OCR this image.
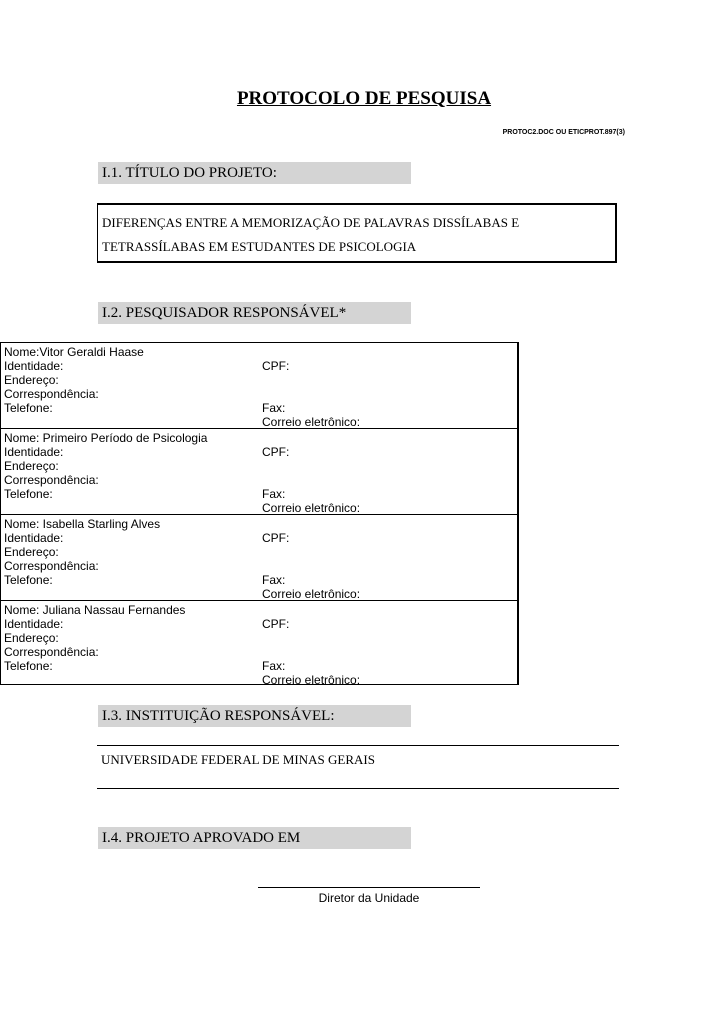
PROTOCOLO DE PESQUISA
PROTOC2.DOC OU ETICPROT.897(3)
I.1. TÍTULO DO PROJETO:
DIFERENÇAS ENTRE A MEMORIZAÇÃO DE PALAVRAS DISSÍLABAS E
TETRASSÍLABAS EM ESTUDANTES DE PSICOLOGIA
I.2. PESQUISADOR RESPONSÁVEL*
Nome:Vitor Geraldi Haase
Identidade:	CPF:
Endereço:
Correspondência:
Telefone:	Fax:
Correio eletrônico:
Nome: Primeiro Período de Psicologia
Identidade:	CPF:
Endereço:
Correspondência:
Telefone:	Fax:
Correio eletrônico:
Nome: Isabella Starling Alves
Identidade:	CPF:
Endereço:
Correspondência:
Telefone:	Fax:
Correio eletrônico:
Nome: Juliana Nassau Fernandes
Identidade:	CPF:
Endereço:
Correspondência:
Telefone:	Fax:
Correio eletrônico:
I.3. INSTITUIÇÃO RESPONSÁVEL:
UNIVERSIDADE FEDERAL DE MINAS GERAIS
I.4. PROJETO APROVADO EM
Diretor da Unidade
